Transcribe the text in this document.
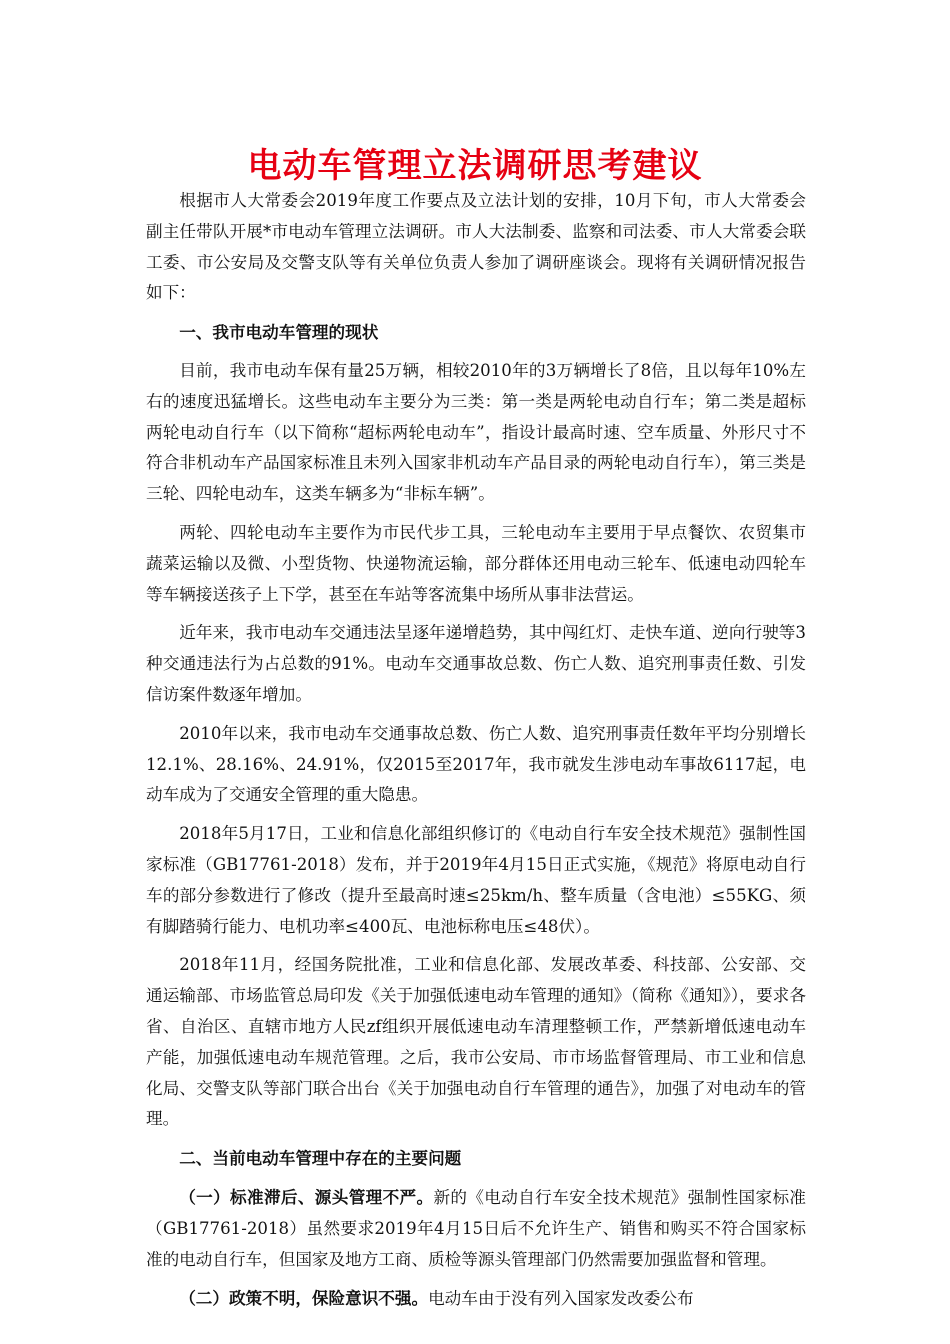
电动车管理立法调研思考建议

根据市人大常委会2019年度工作要点及立法计划的安排，10月下旬，市人大常委会副主任带队开展*市电动车管理立法调研。市人大法制委、监察和司法委、市人大常委会联工委、市公安局及交警支队等有关单位负责人参加了调研座谈会。现将有关调研情况报告如下：

一、我市电动车管理的现状

目前，我市电动车保有量25万辆，相较2010年的3万辆增长了8倍，且以每年10%左右的速度迅猛增长。这些电动车主要分为三类：第一类是两轮电动自行车；第二类是超标两轮电动自行车（以下简称“超标两轮电动车”，指设计最高时速、空车质量、外形尺寸不符合非机动车产品国家标准且未列入国家非机动车产品目录的两轮电动自行车），第三类是三轮、四轮电动车，这类车辆多为“非标车辆”。

两轮、四轮电动车主要作为市民代步工具，三轮电动车主要用于早点餐饮、农贸集市蔬菜运输以及微、小型货物、快递物流运输，部分群体还用电动三轮车、低速电动四轮车等车辆接送孩子上下学，甚至在车站等客流集中场所从事非法营运。

近年来，我市电动车交通违法呈逐年递增趋势，其中闯红灯、走快车道、逆向行驶等3种交通违法行为占总数的91%。电动车交通事故总数、伤亡人数、追究刑事责任数、引发信访案件数逐年增加。

2010年以来，我市电动车交通事故总数、伤亡人数、追究刑事责任数年平均分别增长12.1%、28.16%、24.91%，仅2015至2017年，我市就发生涉电动车事故6117起，电动车成为了交通安全管理的重大隐患。

2018年5月17日，工业和信息化部组织修订的《电动自行车安全技术规范》强制性国家标准（GB17761-2018）发布，并于2019年4月15日正式实施，《规范》将原电动自行车的部分参数进行了修改（提升至最高时速≤25km/h、整车质量（含电池）≤55KG、须有脚踏骑行能力、电机功率≤400瓦、电池标称电压≤48伏）。

2018年11月，经国务院批准，工业和信息化部、发展改革委、科技部、公安部、交通运输部、市场监管总局印发《关于加强低速电动车管理的通知》（简称《通知》），要求各省、自治区、直辖市地方人民zf组织开展低速电动车清理整顿工作，严禁新增低速电动车产能，加强低速电动车规范管理。之后，我市公安局、市市场监督管理局、市工业和信息化局、交警支队等部门联合出台《关于加强电动自行车管理的通告》，加强了对电动车的管理。

二、当前电动车管理中存在的主要问题

（一）标准滞后、源头管理不严。新的《电动自行车安全技术规范》强制性国家标准（GB17761-2018）虽然要求2019年4月15日后不允许生产、销售和购买不符合国家标准的电动自行车，但国家及地方工商、质检等源头管理部门仍然需要加强监督和管理。

（二）政策不明，保险意识不强。电动车由于没有列入国家发改委公布
